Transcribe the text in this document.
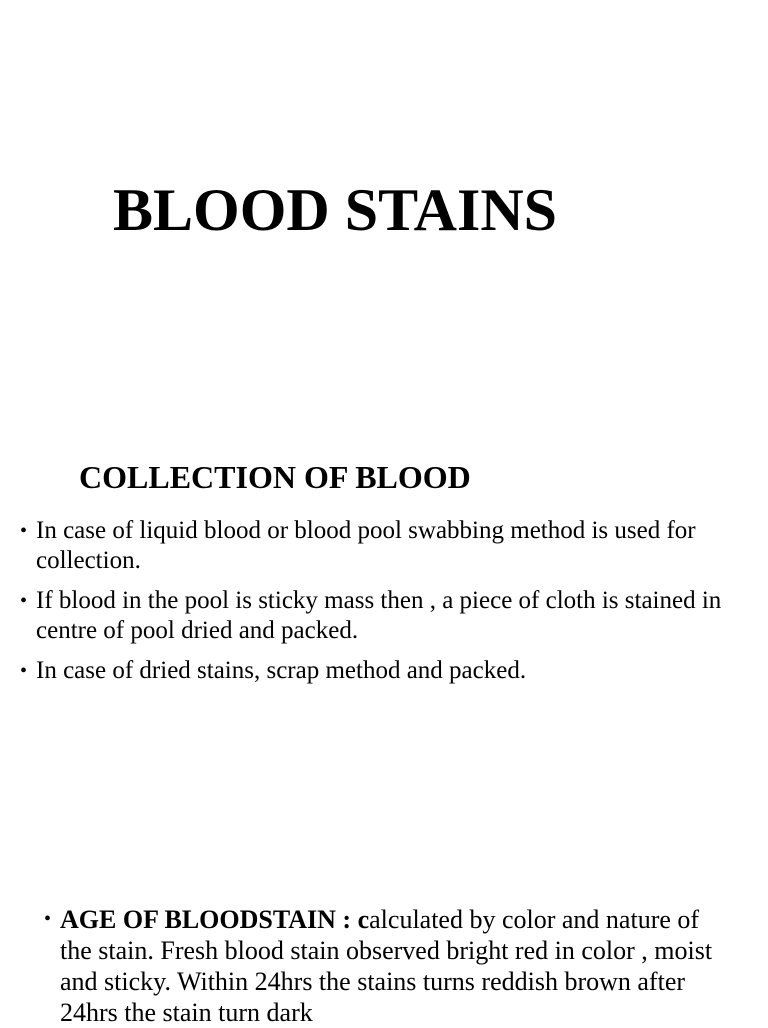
BLOOD STAINS
COLLECTION OF BLOOD
• In case of liquid blood or blood pool swabbing method is used for collection.
• If blood in the pool is sticky mass then , a piece of cloth is stained in centre of pool dried and packed.
• In case of dried stains, scrap method and packed.

• AGE OF BLOODSTAIN : calculated by color and nature of the stain. Fresh blood stain observed bright red in color , moist and sticky. Within 24hrs the stains turns reddish brown after 24hrs the stain turn dark
